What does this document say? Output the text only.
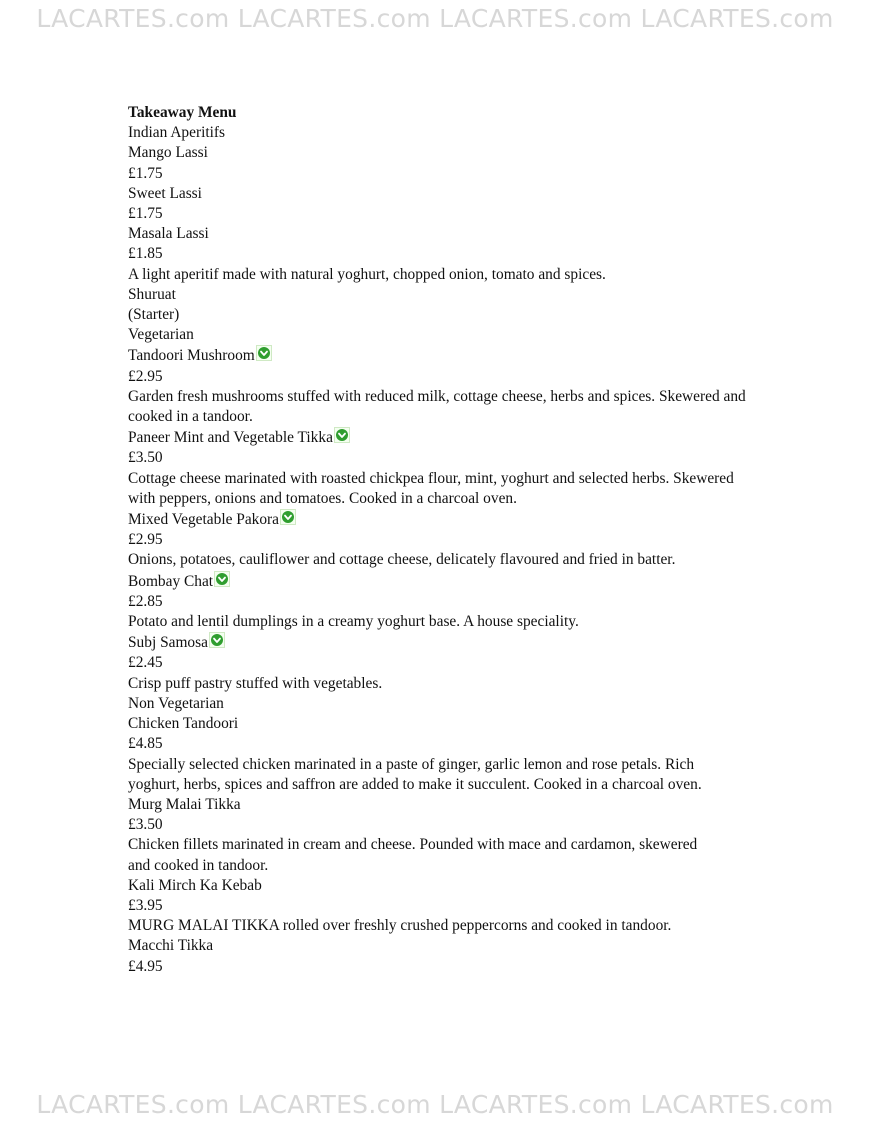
LACARTES.com LACARTES.com LACARTES.com LACARTES.com
Takeaway Menu
Indian Aperitifs
Mango Lassi
£1.75
Sweet Lassi
£1.75
Masala Lassi
£1.85
A light aperitif made with natural yoghurt, chopped onion, tomato and spices.
Shuruat
(Starter)
Vegetarian
Tandoori Mushroom
£2.95
Garden fresh mushrooms stuffed with reduced milk, cottage cheese, herbs and spices. Skewered and cooked in a tandoor.
Paneer Mint and Vegetable Tikka
£3.50
Cottage cheese marinated with roasted chickpea flour, mint, yoghurt and selected herbs. Skewered with peppers, onions and tomatoes. Cooked in a charcoal oven.
Mixed Vegetable Pakora
£2.95
Onions, potatoes, cauliflower and cottage cheese, delicately flavoured and fried in batter.
Bombay Chat
£2.85
Potato and lentil dumplings in a creamy yoghurt base. A house speciality.
Subj Samosa
£2.45
Crisp puff pastry stuffed with vegetables.
Non Vegetarian
Chicken Tandoori
£4.85
Specially selected chicken marinated in a paste of ginger, garlic lemon and rose petals. Rich yoghurt, herbs, spices and saffron are added to make it succulent. Cooked in a charcoal oven.
Murg Malai Tikka
£3.50
Chicken fillets marinated in cream and cheese. Pounded with mace and cardamon, skewered and cooked in tandoor.
Kali Mirch Ka Kebab
£3.95
MURG MALAI TIKKA rolled over freshly crushed peppercorns and cooked in tandoor.
Macchi Tikka
£4.95
LACARTES.com LACARTES.com LACARTES.com LACARTES.com
